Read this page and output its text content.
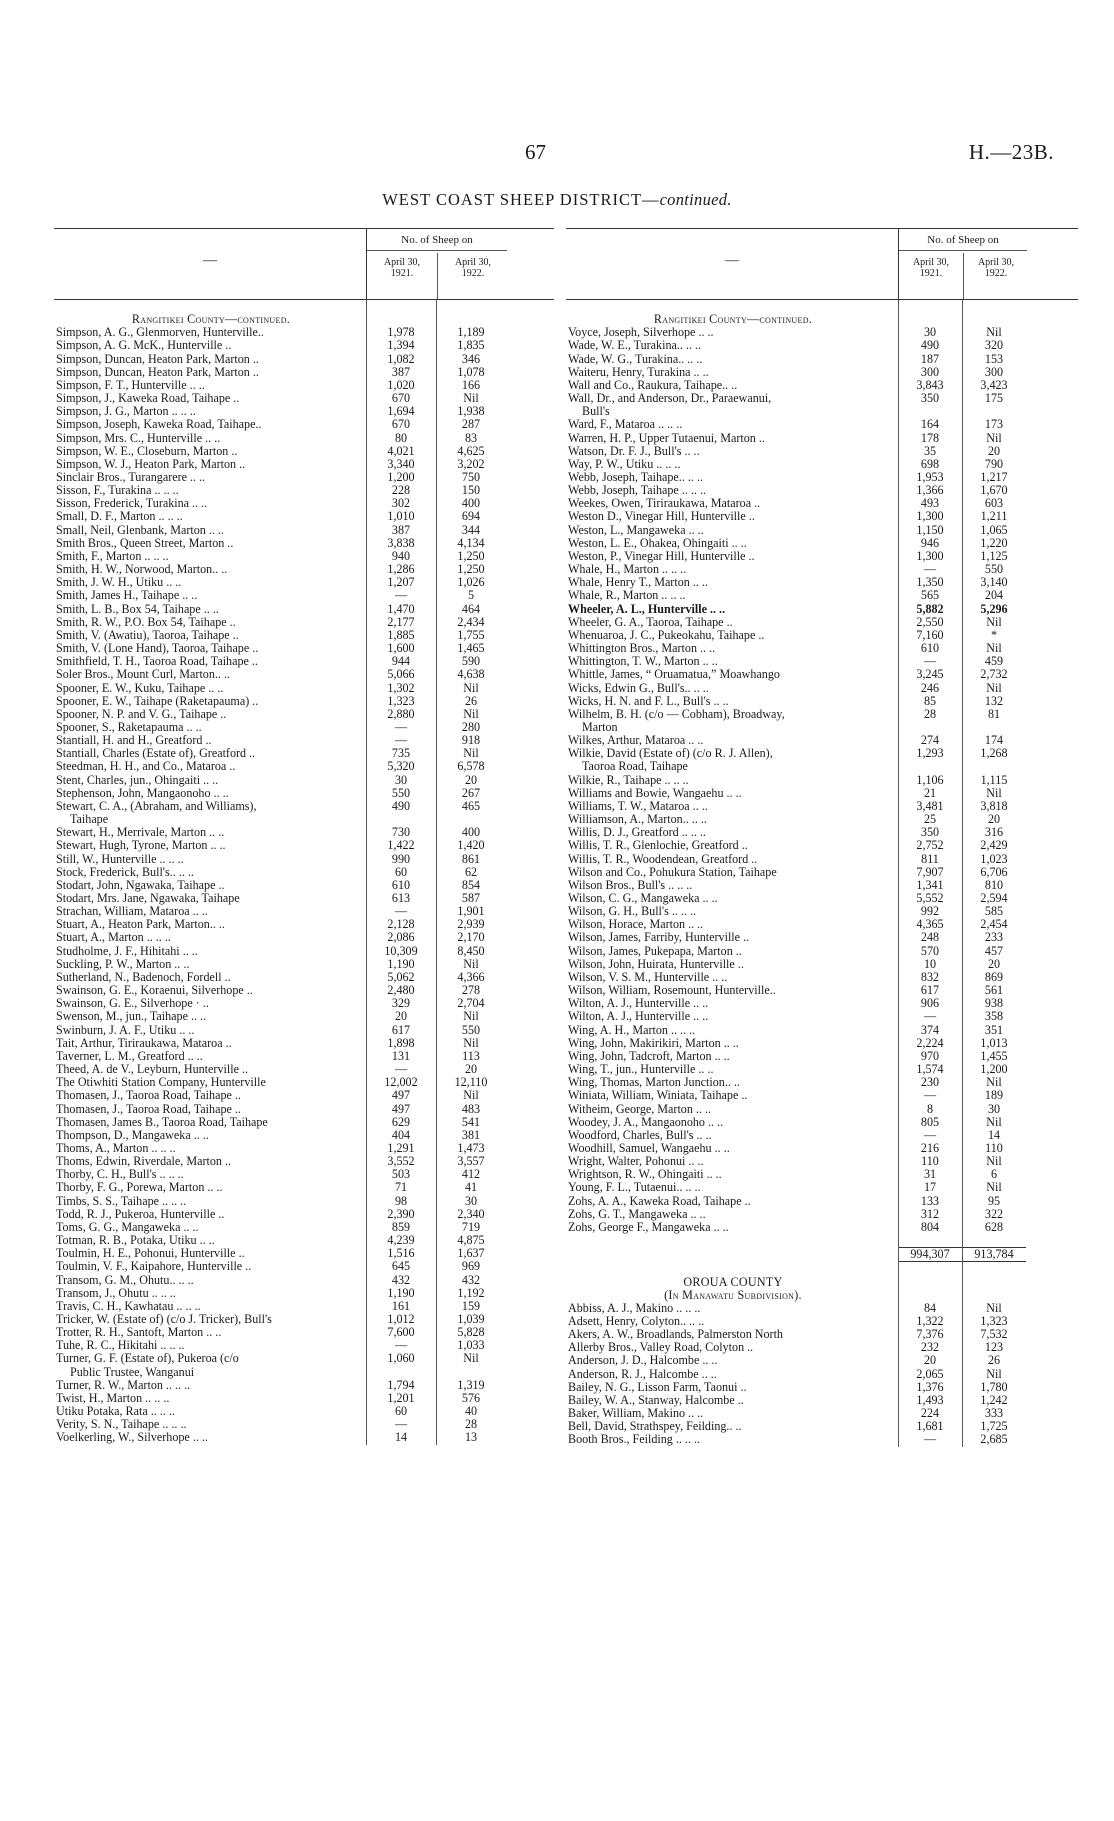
67	H.—23B.
WEST COAST SHEEP DISTRICT—continued.
—
No. of Sheep on
April 30,
1921.
April 30,
1922.
Rangitikei County—continued.
Simpson, A. G., Glenmorven, Hunterville..	1,978	1,189
Simpson, A. G. McK., Hunterville ..	1,394	1,835
Simpson, Duncan, Heaton Park, Marton ..	1,082	346
Simpson, Duncan, Heaton Park, Marton ..	387	1,078
Simpson, F. T., Hunterville .. ..	1,020	166
Simpson, J., Kaweka Road, Taihape ..	670	Nil
Simpson, J. G., Marton .. .. ..	1,694	1,938
Simpson, Joseph, Kaweka Road, Taihape..	670	287
Simpson, Mrs. C., Hunterville .. ..	80	83
Simpson, W. E., Closeburn, Marton ..	4,021	4,625
Simpson, W. J., Heaton Park, Marton ..	3,340	3,202
Sinclair Bros., Turangarere .. ..	1,200	750
Sisson, F., Turakina .. .. ..	228	150
Sisson, Frederick, Turakina .. ..	302	400
Small, D. F., Marton .. .. ..	1,010	694
Small, Neil, Glenbank, Marton .. ..	387	344
Smith Bros., Queen Street, Marton ..	3,838	4,134
Smith, F., Marton .. .. ..	940	1,250
Smith, H. W., Norwood, Marton.. ..	1,286	1,250
Smith, J. W. H., Utiku .. ..	1,207	1,026
Smith, James H., Taihape .. ..	—	5
Smith, L. B., Box 54, Taihape .. ..	1,470	464
Smith, R. W., P.O. Box 54, Taihape ..	2,177	2,434
Smith, V. (Awatiu), Taoroa, Taihape ..	1,885	1,755
Smith, V. (Lone Hand), Taoroa, Taihape ..	1,600	1,465
Smithfield, T. H., Taoroa Road, Taihape ..	944	590
Soler Bros., Mount Curl, Marton.. ..	5,066	4,638
Spooner, E. W., Kuku, Taihape .. ..	1,302	Nil
Spooner, E. W., Taihape (Raketapauma) ..	1,323	26
Spooner, N. P. and V. G., Taihape ..	2,880	Nil
Spooner, S., Raketapauma .. ..	—	280
Stantiall, H. and H., Greatford ..	—	918
Stantiall, Charles (Estate of), Greatford ..	735	Nil
Steedman, H. H., and Co., Mataroa ..	5,320	6,578
Stent, Charles, jun., Ohingaiti .. ..	30	20
Stephenson, John, Mangaonoho .. ..	550	267
Stewart, C. A., (Abraham, and Williams),	490	465
Taihape
Stewart, H., Merrivale, Marton .. ..	730	400
Stewart, Hugh, Tyrone, Marton .. ..	1,422	1,420
Still, W., Hunterville .. .. ..	990	861
Stock, Frederick, Bull's.. .. ..	60	62
Stodart, John, Ngawaka, Taihape ..	610	854
Stodart, Mrs. Jane, Ngawaka, Taihape	613	587
Strachan, William, Mataroa .. ..	—	1,901
Stuart, A., Heaton Park, Marton.. ..	2,128	2,939
Stuart, A., Marton .. .. ..	2,086	2,170
Studholme, J. F., Hihitahi .. ..	10,309	8,450
Suckling, P. W., Marton .. ..	1,190	Nil
Sutherland, N., Badenoch, Fordell ..	5,062	4,366
Swainson, G. E., Koraenui, Silverhope ..	2,480	278
Swainson, G. E., Silverhope · ..	329	2,704
Swenson, M., jun., Taihape .. ..	20	Nil
Swinburn, J. A. F., Utiku .. ..	617	550
Tait, Arthur, Tiriraukawa, Mataroa ..	1,898	Nil
Taverner, L. M., Greatford .. ..	131	113
Theed, A. de V., Leyburn, Hunterville ..	—	20
The Otiwhiti Station Company, Hunterville	12,002	12,110
Thomasen, J., Taoroa Road, Taihape ..	497	Nil
Thomasen, J., Taoroa Road, Taihape ..	497	483
Thomasen, James B., Taoroa Road, Taihape	629	541
Thompson, D., Mangaweka .. ..	404	381
Thoms, A., Marton .. .. ..	1,291	1,473
Thoms, Edwin, Riverdale, Marton ..	3,552	3,557
Thorby, C. H., Bull's .. .. ..	503	412
Thorby, F. G., Porewa, Marton .. ..	71	41
Timbs, S. S., Taihape .. .. ..	98	30
Todd, R. J., Pukeroa, Hunterville ..	2,390	2,340
Toms, G. G., Mangaweka .. ..	859	719
Totman, R. B., Potaka, Utiku .. ..	4,239	4,875
Toulmin, H. E., Pohonui, Hunterville ..	1,516	1,637
Toulmin, V. F., Kaipahore, Hunterville ..	645	969
Transom, G. M., Ohutu.. .. ..	432	432
Transom, J., Ohutu .. .. ..	1,190	1,192
Travis, C. H., Kawhatau .. .. ..	161	159
Tricker, W. (Estate of) (c/o J. Tricker), Bull's	1,012	1,039
Trotter, R. H., Santoft, Marton .. ..	7,600	5,828
Tuhe, R. C., Hikitahi .. .. ..	—	1,033
Turner, G. F. (Estate of), Pukeroa (c/o	1,060	Nil
Public Trustee, Wanganui
Turner, R. W., Marton .. .. ..	1,794	1,319
Twist, H., Marton .. .. ..	1,201	576
Utiku Potaka, Rata .. .. ..	60	40
Verity, S. N., Taihape .. .. ..	—	28
Voelkerling, W., Silverhope .. ..	14	13
—
No. of Sheep on
April 30,
1921.
April 30,
1922.
Rangitikei County—continued.
Voyce, Joseph, Silverhope .. ..	30	Nil
Wade, W. E., Turakina.. .. ..	490	320
Wade, W. G., Turakina.. .. ..	187	153
Waiteru, Henry, Turakina .. ..	300	300
Wall and Co., Raukura, Taihape.. ..	3,843	3,423
Wall, Dr., and Anderson, Dr., Paraewanui,	350	175
Bull's
Ward, F., Mataroa .. .. ..	164	173
Warren, H. P., Upper Tutaenui, Marton ..	178	Nil
Watson, Dr. F. J., Bull's .. ..	35	20
Way, P. W., Utiku .. .. ..	698	790
Webb, Joseph, Taihape.. .. ..	1,953	1,217
Webb, Joseph, Taihape .. .. ..	1,366	1,670
Weekes, Owen, Tiriraukawa, Mataroa ..	493	603
Weston D., Vinegar Hill, Hunterville ..	1,300	1,211
Weston, L., Mangaweka .. ..	1,150	1,065
Weston, L. E., Ohakea, Ohingaiti .. ..	946	1,220
Weston, P., Vinegar Hill, Hunterville ..	1,300	1,125
Whale, H., Marton .. .. ..	—	550
Whale, Henry T., Marton .. ..	1,350	3,140
Whale, R., Marton .. .. ..	565	204
Wheeler, A. L., Hunterville .. ..	5,882	5,296
Wheeler, G. A., Taoroa, Taihape ..	2,550	Nil
Whenuaroa, J. C., Pukeokahu, Taihape ..	7,160	*
Whittington Bros., Marton .. ..	610	Nil
Whittington, T. W., Marton .. ..	—	459
Whittle, James, “ Oruamatua,” Moawhango	3,245	2,732
Wicks, Edwin G., Bull's.. .. ..	246	Nil
Wicks, H. N. and F. L., Bull's .. ..	85	132
Wilhelm, B. H. (c/o — Cobham), Broadway,	28	81
Marton
Wilkes, Arthur, Mataroa .. ..	274	174
Wilkie, David (Estate of) (c/o R. J. Allen),	1,293	1,268
Taoroa Road, Taihape
Wilkie, R., Taihape .. .. ..	1,106	1,115
Williams and Bowie, Wangaehu .. ..	21	Nil
Williams, T. W., Mataroa .. ..	3,481	3,818
Williamson, A., Marton.. .. ..	25	20
Willis, D. J., Greatford .. .. ..	350	316
Willis, T. R., Glenlochie, Greatford ..	2,752	2,429
Willis, T. R., Woodendean, Greatford ..	811	1,023
Wilson and Co., Pohukura Station, Taihape	7,907	6,706
Wilson Bros., Bull's .. .. ..	1,341	810
Wilson, C. G., Mangaweka .. ..	5,552	2,594
Wilson, G. H., Bull's .. .. ..	992	585
Wilson, Horace, Marton .. ..	4,365	2,454
Wilson, James, Farriby, Hunterville ..	248	233
Wilson, James, Pukepapa, Marton ..	570	457
Wilson, John, Huirata, Hunterville ..	10	20
Wilson, V. S. M., Hunterville .. ..	832	869
Wilson, William, Rosemount, Hunterville..	617	561
Wilton, A. J., Hunterville .. ..	906	938
Wilton, A. J., Hunterville .. ..	—	358
Wing, A. H., Marton .. .. ..	374	351
Wing, John, Makirikiri, Marton .. ..	2,224	1,013
Wing, John, Tadcroft, Marton .. ..	970	1,455
Wing, T., jun., Hunterville .. ..	1,574	1,200
Wing, Thomas, Marton Junction.. ..	230	Nil
Winiata, William, Winiata, Taihape ..	—	189
Witheim, George, Marton .. ..	8	30
Woodey, J. A., Mangaonoho .. ..	805	Nil
Woodford, Charles, Bull's .. ..	—	14
Woodhill, Samuel, Wangaehu .. ..	216	110
Wright, Walter, Pohonui .. ..	110	Nil
Wrightson, R. W., Ohingaiti .. ..	31	6
Young, F. L., Tutaenui.. .. ..	17	Nil
Zohs, A. A., Kaweka Road, Taihape ..	133	95
Zohs, G. T., Mangaweka .. ..	312	322
Zohs, George F., Mangaweka .. ..	804	628
994,307	913,784
OROUA COUNTY
(In Manawatu Subdivision).
Abbiss, A. J., Makino .. .. ..	84	Nil
Adsett, Henry, Colyton.. .. ..	1,322	1,323
Akers, A. W., Broadlands, Palmerston North	7,376	7,532
Allerby Bros., Valley Road, Colyton ..	232	123
Anderson, J. D., Halcombe .. ..	20	26
Anderson, R. J., Halcombe .. ..	2,065	Nil
Bailey, N. G., Lisson Farm, Taonui ..	1,376	1,780
Bailey, W. A., Stanway, Halcombe ..	1,493	1,242
Baker, William, Makino .. ..	224	333
Bell, David, Strathspey, Feilding.. ..	1,681	1,725
Booth Bros., Feilding .. .. ..	—	2,685
